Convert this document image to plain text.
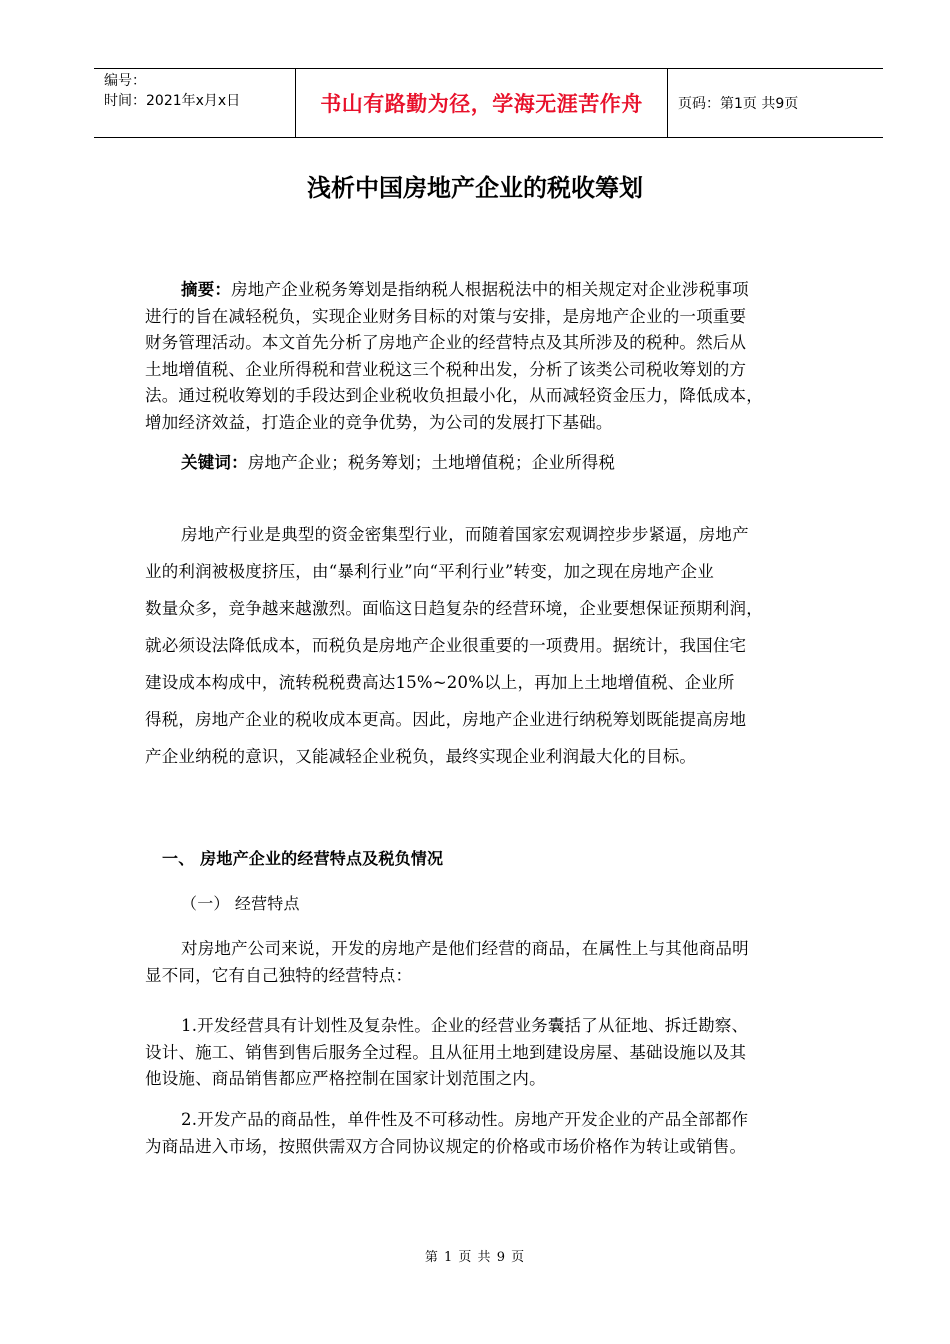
编号：
时间：2021年x月x日	书山有路勤为径，学海无涯苦作舟	页码：第1页 共9页
浅析中国房地产企业的税收筹划
摘要：房地产企业税务筹划是指纳税人根据税法中的相关规定对企业涉税事项
进行的旨在减轻税负，实现企业财务目标的对策与安排，是房地产企业的一项重要
财务管理活动。本文首先分析了房地产企业的经营特点及其所涉及的税种。然后从
土地增值税、企业所得税和营业税这三个税种出发，分析了该类公司税收筹划的方
法。通过税收筹划的手段达到企业税收负担最小化，从而减轻资金压力，降低成本，
增加经济效益，打造企业的竞争优势，为公司的发展打下基础。
关键词：房地产企业；税务筹划；土地增值税；企业所得税
房地产行业是典型的资金密集型行业，而随着国家宏观调控步步紧逼，房地产
业的利润被极度挤压，由“暴利行业”向“平利行业”转变，加之现在房地产企业
数量众多，竞争越来越激烈。面临这日趋复杂的经营环境，企业要想保证预期利润，
就必须设法降低成本，而税负是房地产企业很重要的一项费用。据统计，我国住宅
建设成本构成中，流转税税费高达15%~20%以上，再加上土地增值税、企业所
得税，房地产企业的税收成本更高。因此，房地产企业进行纳税筹划既能提高房地
产企业纳税的意识，又能减轻企业税负，最终实现企业利润最大化的目标。
一、 房地产企业的经营特点及税负情况
（一） 经营特点
对房地产公司来说，开发的房地产是他们经营的商品，在属性上与其他商品明
显不同，它有自己独特的经营特点：
1.开发经营具有计划性及复杂性。企业的经营业务囊括了从征地、拆迁勘察、
设计、施工、销售到售后服务全过程。且从征用土地到建设房屋、基础设施以及其
他设施、商品销售都应严格控制在国家计划范围之内。
2.开发产品的商品性，单件性及不可移动性。房地产开发企业的产品全部都作
为商品进入市场，按照供需双方合同协议规定的价格或市场价格作为转让或销售。
第 1 页 共 9 页
